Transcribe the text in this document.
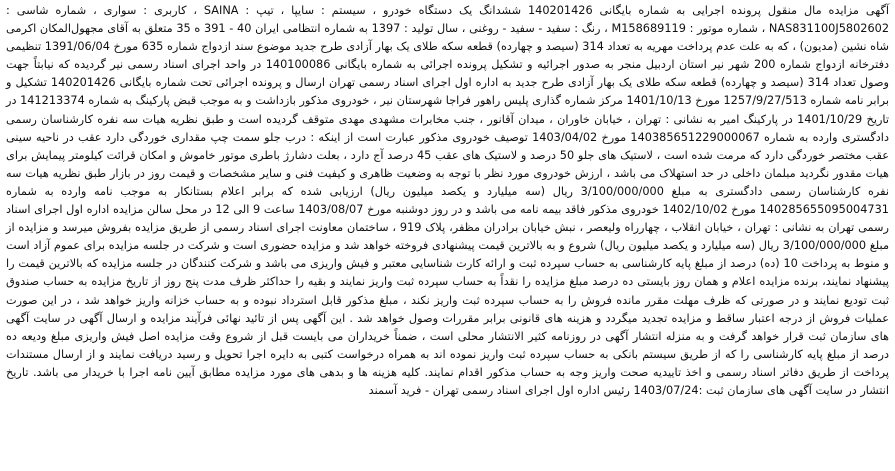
آگهی مزایده مال منقول پرونده اجرایی به شماره بایگانی 140201426 ششدانگ یک دستگاه خودرو ، سیستم : سایپا ، تیپ : SAINA ، کاربری : سواری ، شماره شاسی : NAS831100J5802602 ، شماره موتور : M158689119 ، رنگ : سفید - سفید - روغنی ، سال تولید : 1397 به شماره انتظامی ایران 40 - 391 ه 35 متعلق به آقای مجهول‌المکان اکرمی شاه نشین (مدیون) ، که به علت عدم پرداخت مهریه به تعداد 314 (سیصد و چهارده) قطعه سکه طلای یک بهار آزادی طرح جدید موضوع سند ازدواج شماره 635 مورخ 1391/06/04 تنظیمی دفترخانه ازدواج شماره 200 شهر نیر استان اردبیل منجر به صدور اجرائیه و تشکیل پرونده اجرائی به شماره بایگانی 140100086 در واحد اجرای اسناد رسمی نیر گردیده که نیابتاً جهت وصول تعداد 314 (سیصد و چهارده) قطعه سکه طلای یک بهار آزادی طرح جدید به اداره اول اجرای اسناد رسمی تهران ارسال و پرونده اجرائی تحت شماره بایگانی 140201426 تشکیل و برابر نامه شماره 1257/9/27/513 مورخ 1401/10/13 مرکز شماره گذاری پلیس راهور فراجا شهرستان نیر ، خودروی مذکور بازداشت و به موجب قبض پارکینگ به شماره 141213374 در تاریخ 1401/10/29 در پارکینگ امیر به نشانی : تهران ، خیابان خاوران ، میدان آقانور ، جنب مخابرات مشهدی مهدی متوقف گردیده است و طبق نظریه هیات سه نفره کارشناسان رسمی دادگستری وارده به شماره 140385651229000067 مورخ 1403/04/02 توصیف خودروی مذکور عبارت است از اینکه : درب جلو سمت چپ مقداری خوردگی دارد عقب در ناحیه سینی عقب مختصر خوردگی دارد که مرمت شده است ، لاستیک های جلو 50 درصد و لاستیک های عقب 45 درصد آج دارد ، بعلت دشارژ باطری موتور خاموش و امکان قرائت کیلومتر پیمایش برای هیات مقدور نگردید مبلمان داخلی در حد استهلاک می باشد ، ارزش خودروی مورد نظر با توجه به وضعیت ظاهری و کیفیت فنی و سایر مشخصات و قیمت روز در بازار طبق نظریه هیات سه نفره کارشناسان رسمی دادگستری به مبلغ 3/100/000/000 ریال (سه میلیارد و یکصد میلیون ریال) ارزیابی شده که برابر اعلام بستانکار به موجب نامه وارده به شماره 140285655095004731 مورخ 1402/10/02 خودروی مذکور فاقد بیمه نامه می باشد و در روز دوشنبه مورخ 1403/08/07 ساعت 9 الی 12 در محل سالن مزایده اداره اول اجرای اسناد رسمی تهران به نشانی : تهران ، خیابان انقلاب ، چهارراه ولیعصر ، نبش خیابان برادران مظفر، پلاک 919 ، ساختمان معاونت اجرای اسناد رسمی از طریق مزایده بفروش میرسد و مزایده از مبلغ 3/100/000/000 ریال (سه میلیارد و یکصد میلیون ریال) شروع و به بالاترین قیمت پیشنهادی فروخته خواهد شد و مزایده حضوری است و شرکت در جلسه مزایده برای عموم آزاد است و منوط به پرداخت 10 (ده) درصد از مبلغ پایه کارشناسی به حساب سپرده ثبت و ارائه کارت شناسایی معتبر و فیش واریزی می باشد و شرکت کنندگان در جلسه مزایده که بالاترین قیمت را پیشنهاد نمایند، برنده مزایده اعلام و همان روز بایستی ده درصد مبلغ مزایده را نقداً به حساب سپرده ثبت واریز نمایند و بقیه را حداکثر ظرف مدت پنج روز از تاریخ مزایده به حساب صندوق ثبت تودیع نمایند و در صورتی که ظرف مهلت مقرر مانده فروش را به حساب سپرده ثبت واریز نکند ، مبلغ مذکور قابل استرداد نبوده و به حساب خزانه واریز خواهد شد ، در این صورت عملیات فروش از درجه اعتبار ساقط و مزایده تجدید میگردد و هزینه های قانونی برابر مقررات وصول خواهد شد . این آگهی پس از تائید نهائی فرآیند مزایده و ارسال آگهی در سایت آگهی های سازمان ثبت قرار خواهد گرفت و به منزله انتشار آگهی در روزنامه کثیر الانتشار محلی است ، ضمناً خریداران می بایست قبل از شروع وقت مزایده اصل فیش واریزی مبلغ ودیعه ده درصد از مبلغ پایه کارشناسی را که از طریق سیستم بانکی به حساب سپرده ثبت واریز نموده اند به همراه درخواست کتبی به دایره اجرا تحویل و رسید دریافت نمایند و از ارسال مستندات پرداخت از طریق دفاتر اسناد رسمی و اخذ تاییدیه صحت واریز وجه به حساب مذکور اقدام نمایند. کلیه هزینه ها و بدهی های مورد مزایده مطابق آیین نامه اجرا با خریدار می باشد. تاریخ انتشار در سایت آگهی های سازمان ثبت :1403/07/24 رئیس اداره اول اجرای اسناد رسمی تهران - فرید آسمند
